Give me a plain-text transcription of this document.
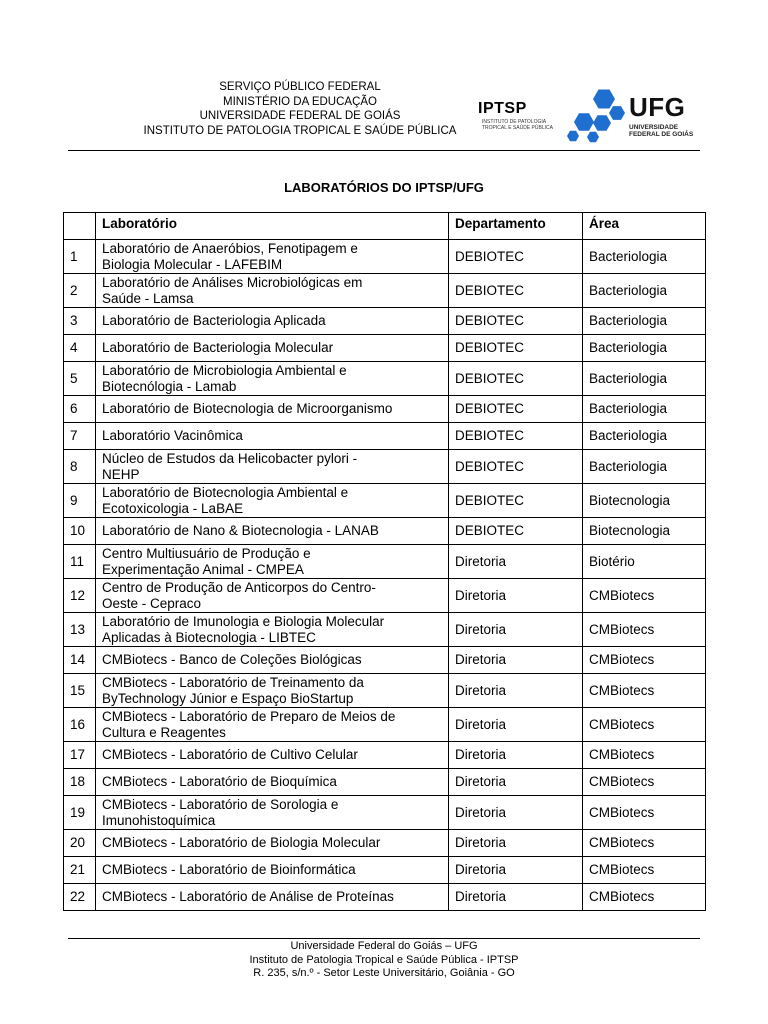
SERVIÇO PÚBLICO FEDERAL
MINISTÉRIO DA EDUCAÇÃO
UNIVERSIDADE FEDERAL DE GOIÁS
INSTITUTO DE PATOLOGIA TROPICAL E SAÚDE PÚBLICA
IPTSP
INSTITUTO DE PATOLOGIA
TROPICAL E SAÚDE PÚBLICA
UFG
UNIVERSIDADE
FEDERAL DE GOIÁS
LABORATÓRIOS DO IPTSP/UFG
	Laboratório	Departamento	Área
1	Laboratório de Anaeróbios, Fenotipagem e
Biologia Molecular - LAFEBIM	DEBIOTEC	Bacteriologia
2	Laboratório de Análises Microbiológicas em
Saúde - Lamsa	DEBIOTEC	Bacteriologia
3	Laboratório de Bacteriologia Aplicada	DEBIOTEC	Bacteriologia
4	Laboratório de Bacteriologia Molecular	DEBIOTEC	Bacteriologia
5	Laboratório de Microbiologia Ambiental e
Biotecnólogia - Lamab	DEBIOTEC	Bacteriologia
6	Laboratório de Biotecnologia de Microorganismo	DEBIOTEC	Bacteriologia
7	Laboratório Vacinômica	DEBIOTEC	Bacteriologia
8	Núcleo de Estudos da Helicobacter pylori -
NEHP	DEBIOTEC	Bacteriologia
9	Laboratório de Biotecnologia Ambiental e
Ecotoxicologia - LaBAE	DEBIOTEC	Biotecnologia
10	Laboratório de Nano & Biotecnologia - LANAB	DEBIOTEC	Biotecnologia
11	Centro Multiusuário de Produção e
Experimentação Animal - CMPEA	Diretoria	Biotério
12	Centro de Produção de Anticorpos do Centro-
Oeste - Cepraco	Diretoria	CMBiotecs
13	Laboratório de Imunologia e Biologia Molecular
Aplicadas à Biotecnologia - LIBTEC	Diretoria	CMBiotecs
14	CMBiotecs - Banco de Coleções Biológicas	Diretoria	CMBiotecs
15	CMBiotecs - Laboratório de Treinamento da
ByTechnology Júnior e Espaço BioStartup	Diretoria	CMBiotecs
16	CMBiotecs - Laboratório de Preparo de Meios de
Cultura e Reagentes	Diretoria	CMBiotecs
17	CMBiotecs - Laboratório de Cultivo Celular	Diretoria	CMBiotecs
18	CMBiotecs - Laboratório de Bioquímica	Diretoria	CMBiotecs
19	CMBiotecs - Laboratório de Sorologia e
Imunohistoquímica	Diretoria	CMBiotecs
20	CMBiotecs - Laboratório de Biologia Molecular	Diretoria	CMBiotecs
21	CMBiotecs - Laboratório de Bioinformática	Diretoria	CMBiotecs
22	CMBiotecs - Laboratório de Análise de Proteínas	Diretoria	CMBiotecs
Universidade Federal do Goiás – UFG
Instituto de Patologia Tropical e Saúde Pública - IPTSP
R. 235, s/n.º - Setor Leste Universitário, Goiânia - GO
